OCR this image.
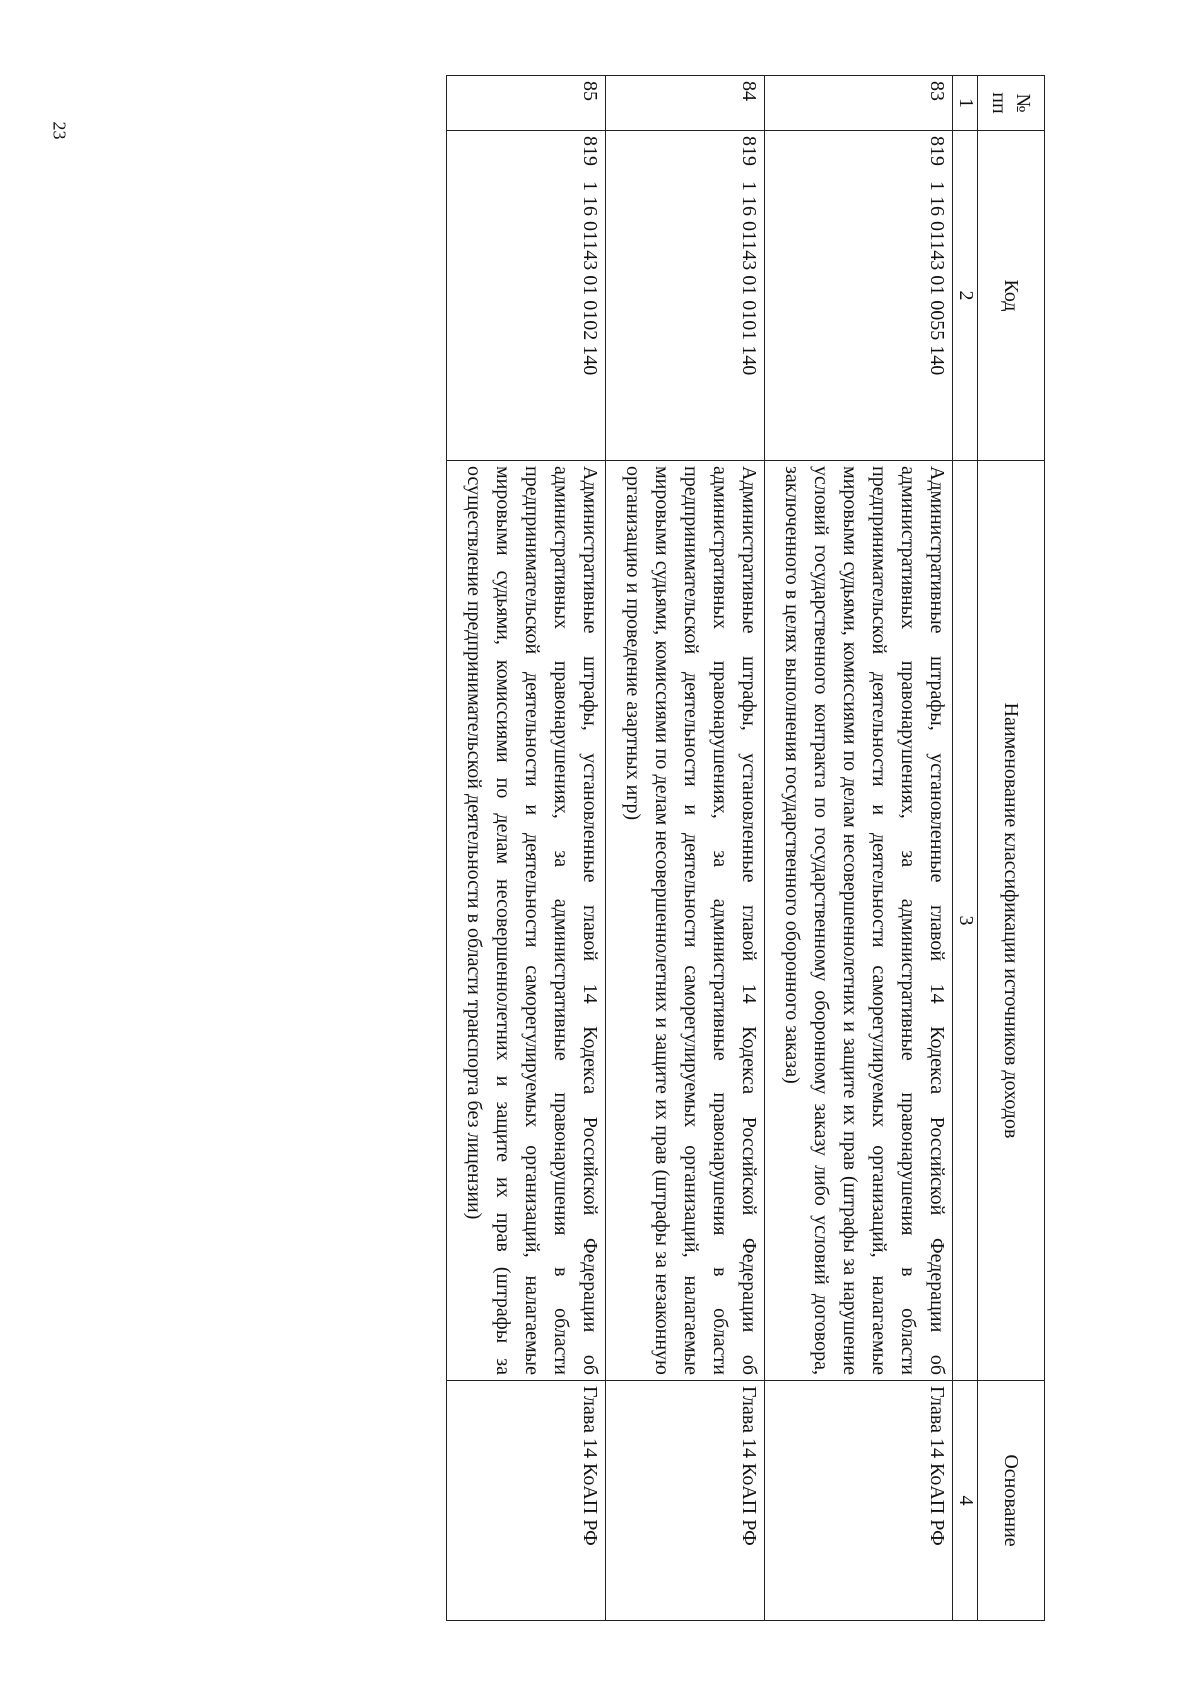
23
№
пп	Код	Наименование классификации источников доходов	Основание
1	2	3	4
83	819   1 16 01143 01 0055 140	Административные штрафы, установленные главой 14 Кодекса Российской Федерации об административных правонарушениях, за административные правонарушения в области предпринимательской деятельности и деятельности саморегулируемых организаций, налагаемые мировыми судьями, комиссиями по делам несовершеннолетних и защите их прав (штрафы за нарушение условий государственного контракта по государственному оборонному заказу либо условий договора, заключенного в целях выполнения государственного оборонного заказа)	Глава 14 КоАП РФ
84	819   1 16 01143 01 0101 140	Административные штрафы, установленные главой 14 Кодекса Российской Федерации об административных правонарушениях, за административные правонарушения в области предпринимательской деятельности и деятельности саморегулируемых организаций, налагаемые мировыми судьями, комиссиями по делам несовершеннолетних и защите их прав (штрафы за незаконную организацию и проведение азартных игр)	Глава 14 КоАП РФ
85	819   1 16 01143 01 0102 140	Административные штрафы, установленные главой 14 Кодекса Российской Федерации об административных правонарушениях, за административные правонарушения в области предпринимательской деятельности и деятельности саморегулируемых организаций, налагаемые мировыми судьями, комиссиями по делам несовершеннолетних и защите их прав (штрафы за осуществление предпринимательской деятельности в области транспорта без лицензии)	Глава 14 КоАП РФ
